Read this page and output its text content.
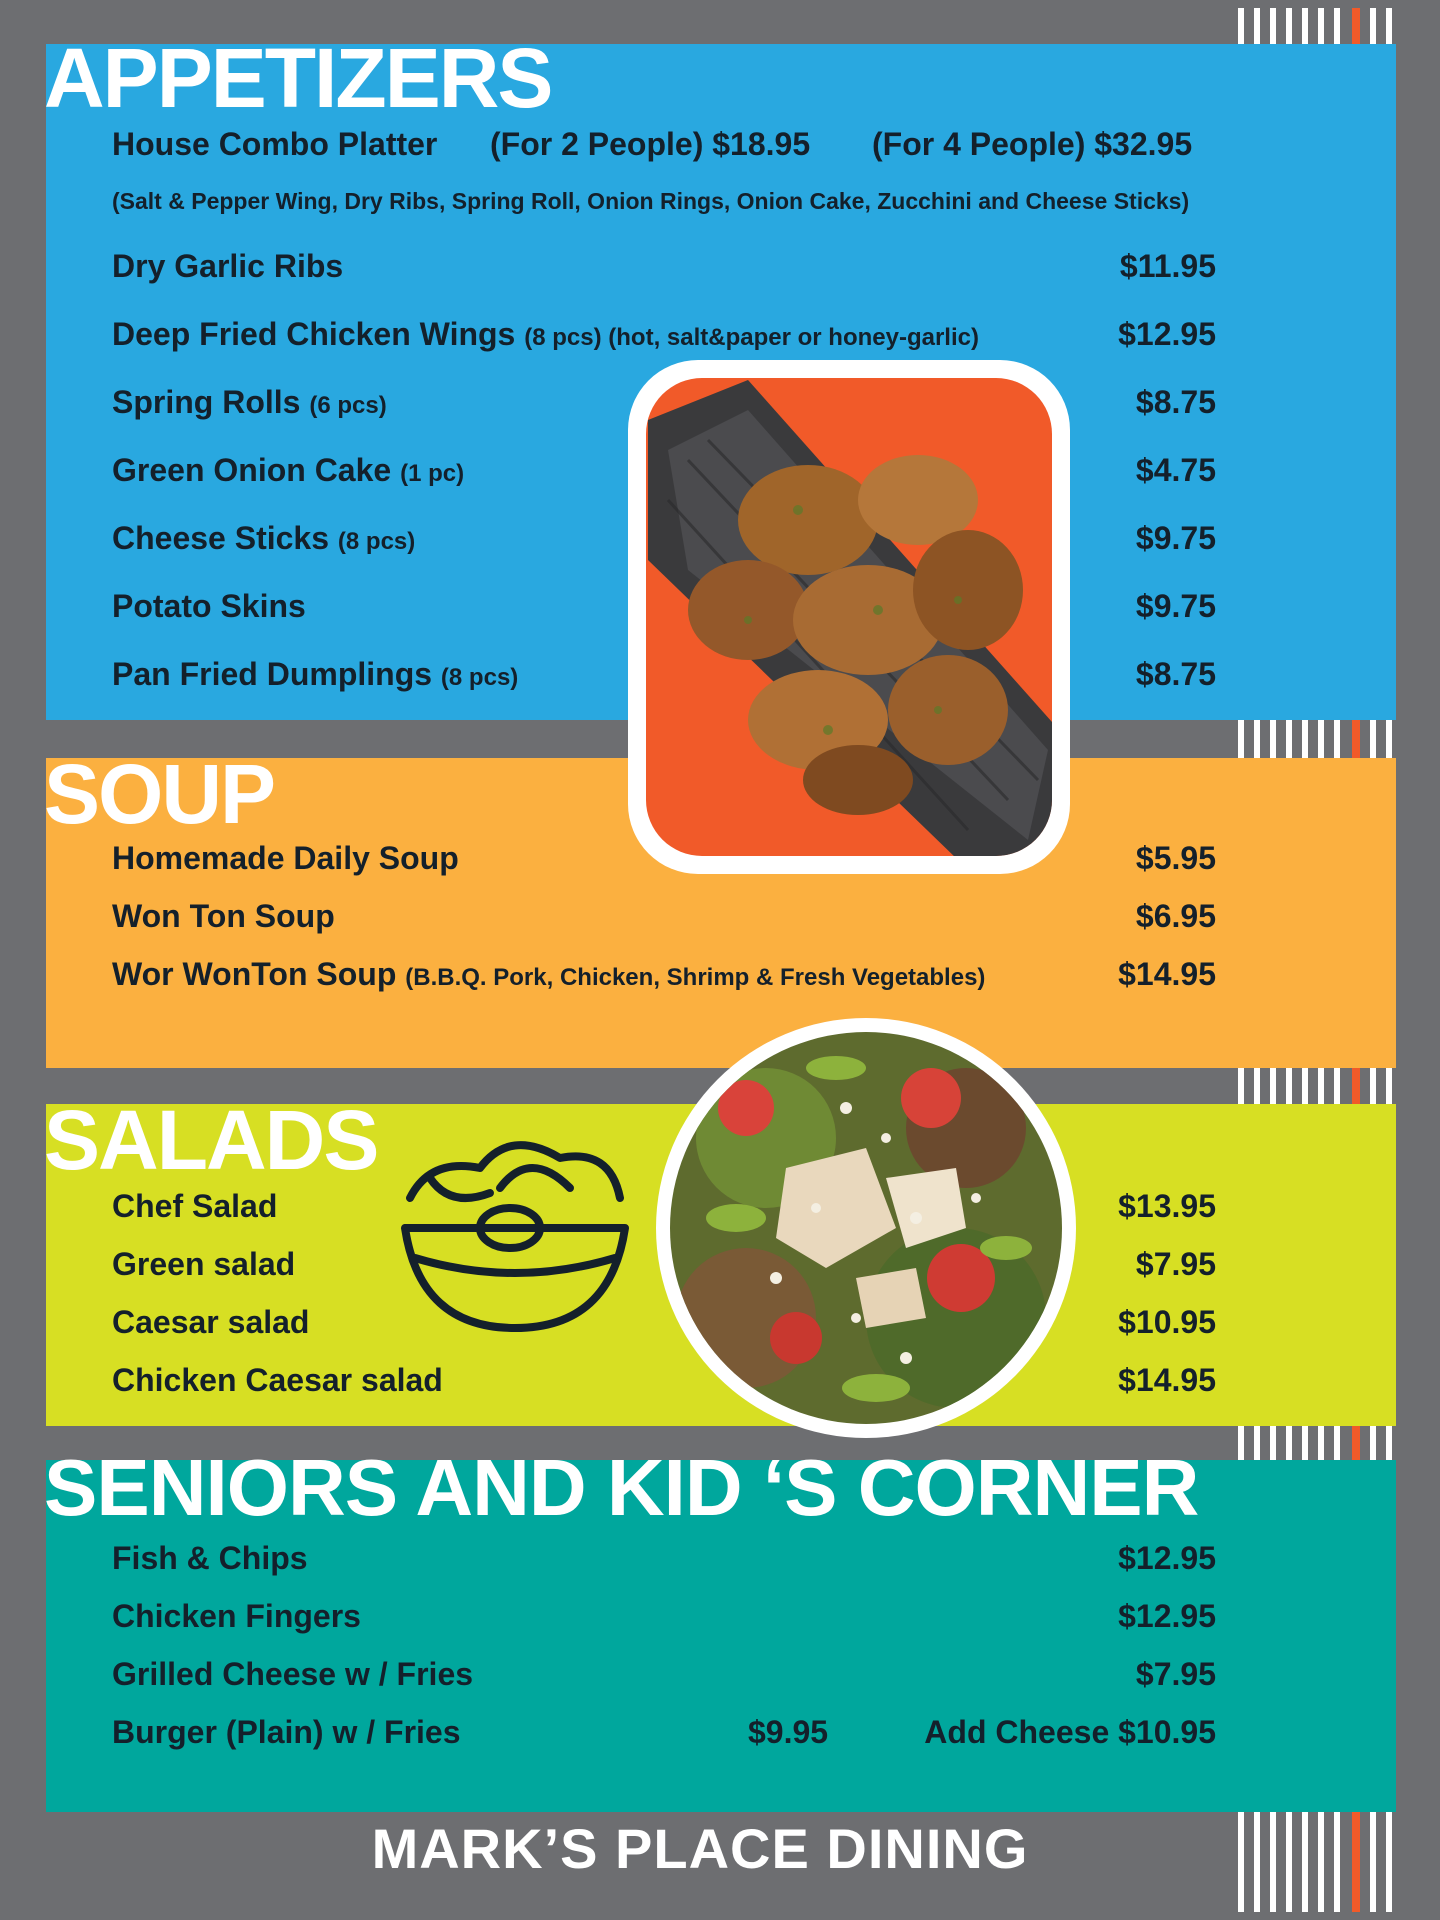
APPETIZERS
House Combo Platter (For 2 People) $18.95 (For 4 People) $32.95
(Salt & Pepper Wing, Dry Ribs, Spring Roll, Onion Rings, Onion Cake, Zucchini and Cheese Sticks)
Dry Garlic Ribs	$11.95
Deep Fried Chicken Wings (8 pcs) (hot, salt&paper or honey-garlic)	$12.95
Spring Rolls (6 pcs)	$8.75
Green Onion Cake (1 pc)	$4.75
Cheese Sticks (8 pcs)	$9.75
Potato Skins	$9.75
Pan Fried Dumplings (8 pcs)	$8.75
SOUP
Homemade Daily Soup	$5.95
Won Ton Soup	$6.95
Wor WonTon Soup (B.B.Q. Pork, Chicken, Shrimp & Fresh Vegetables)	$14.95
SALADS
Chef Salad	$13.95
Green salad	$7.95
Caesar salad	$10.95
Chicken Caesar salad	$14.95
SENIORS AND KID ‘S CORNER
Fish & Chips	$12.95
Chicken Fingers	$12.95
Grilled Cheese w / Fries	$7.95
Burger (Plain) w / Fries	$9.95	Add Cheese $10.95
MARK’S PLACE DINING
